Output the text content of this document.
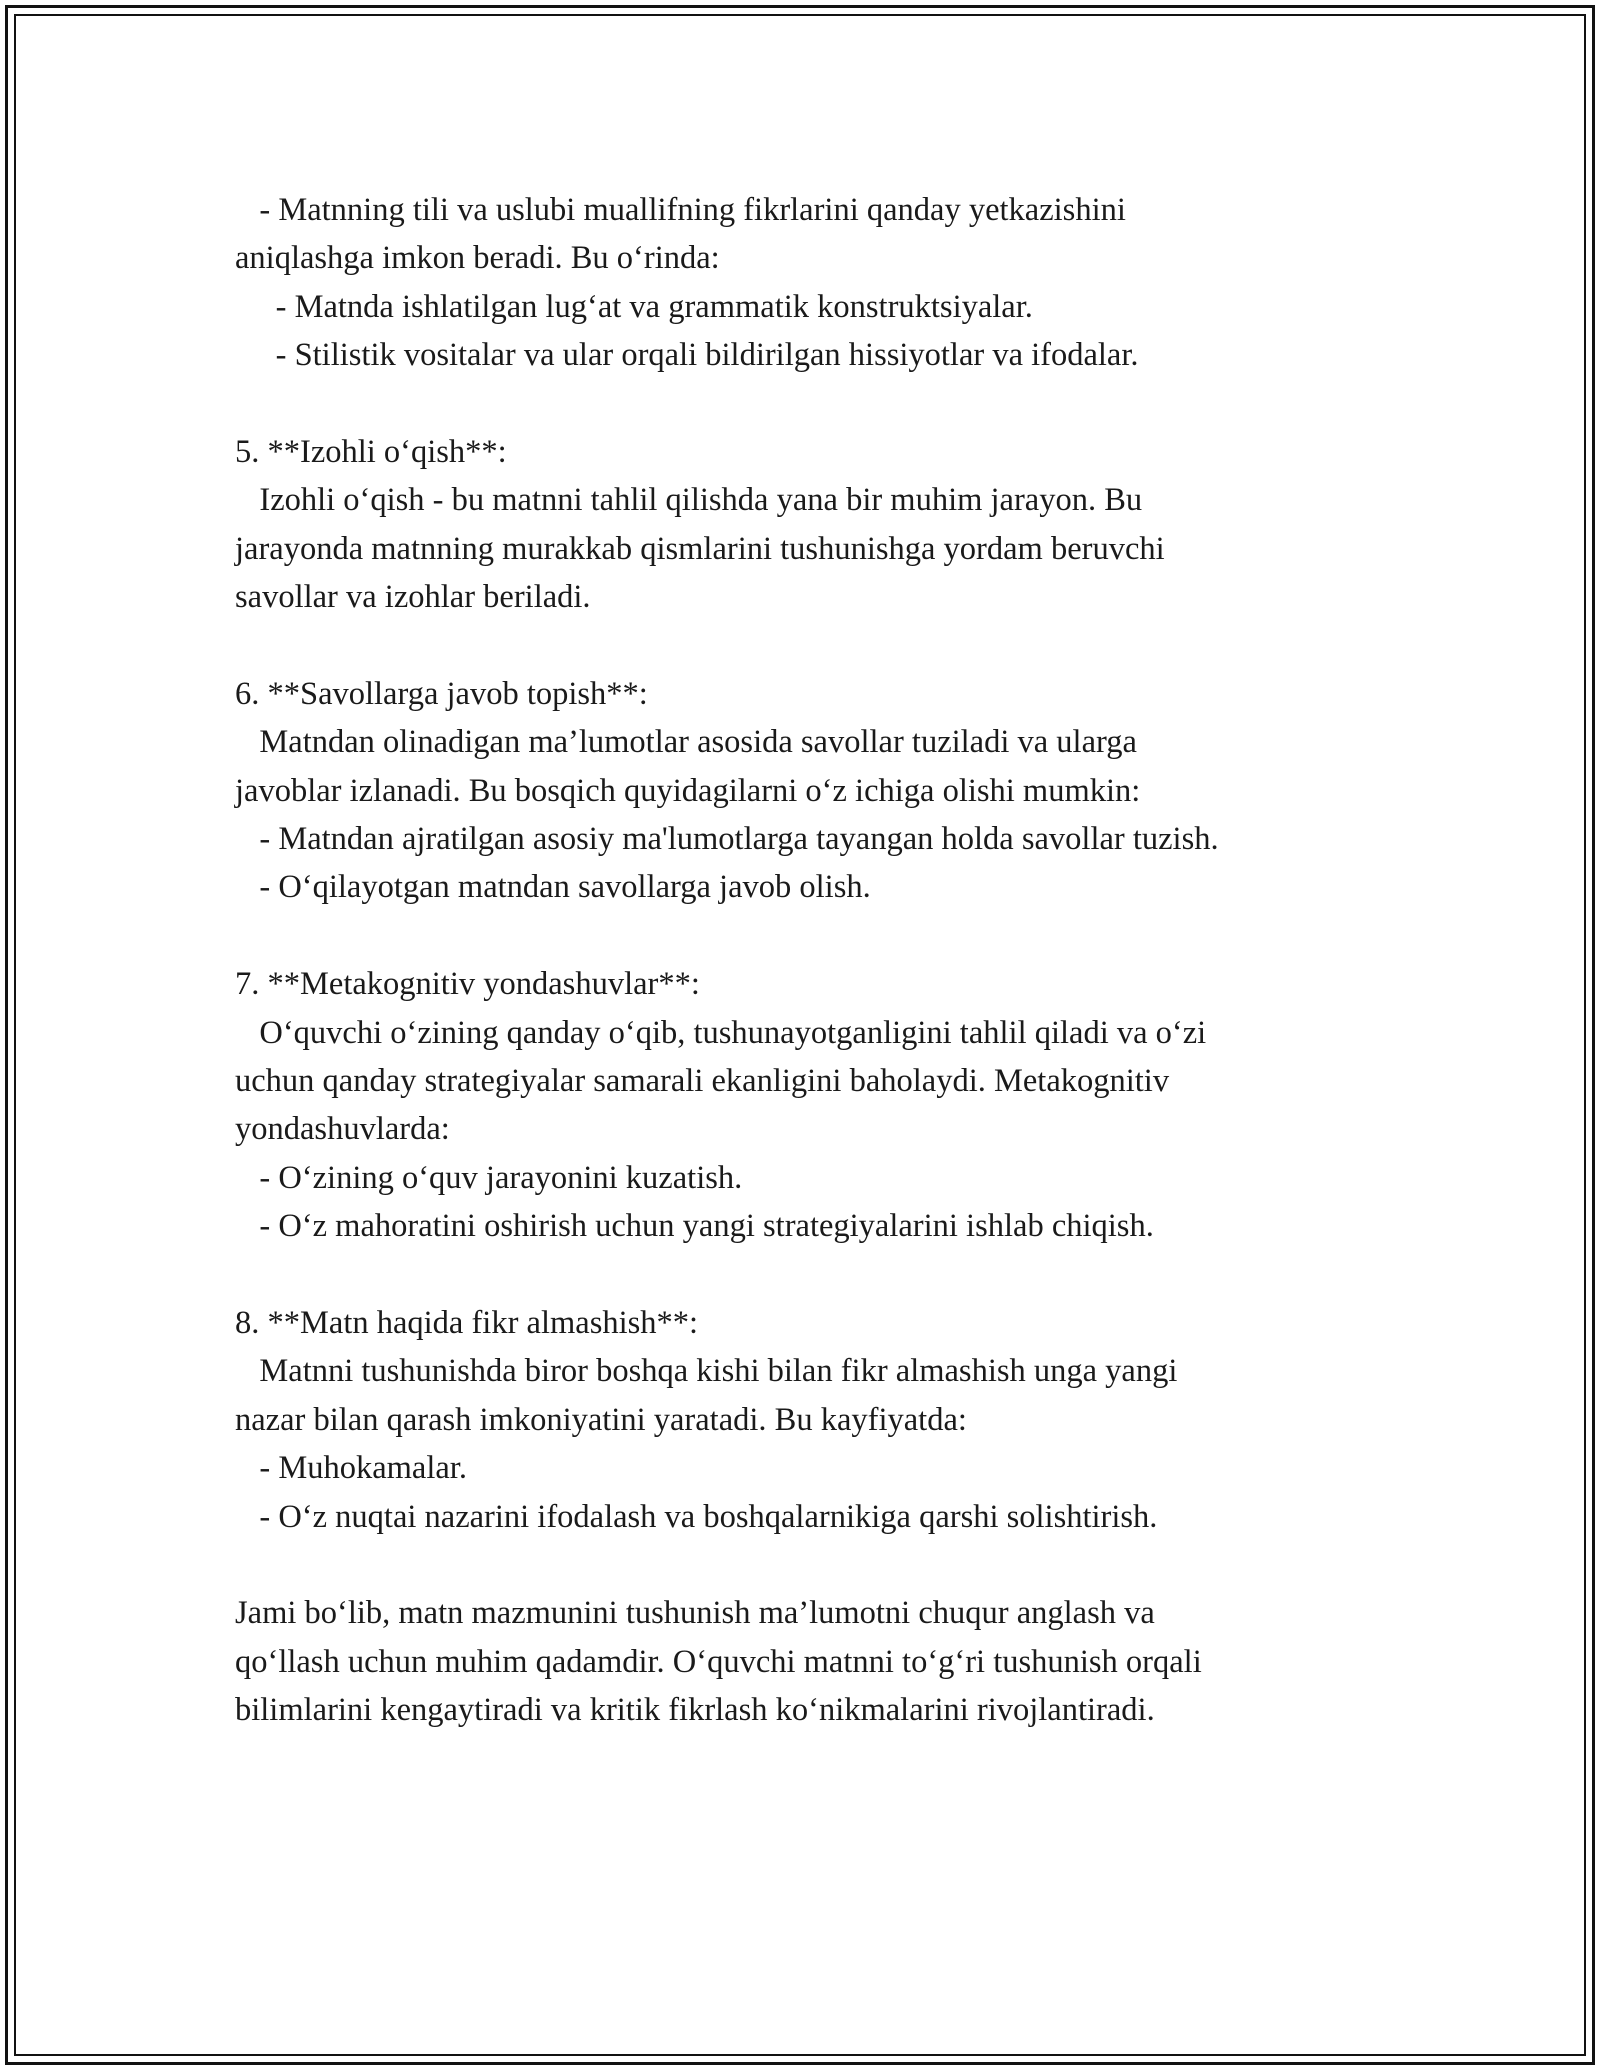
- Matnning tili va uslubi muallifning fikrlarini qanday yetkazishini
aniqlashga imkon beradi. Bu o‘rinda:
- Matnda ishlatilgan lug‘at va grammatik konstruktsiyalar.
- Stilistik vositalar va ular orqali bildirilgan hissiyotlar va ifodalar.
5. **Izohli o‘qish**:
Izohli o‘qish - bu matnni tahlil qilishda yana bir muhim jarayon. Bu
jarayonda matnning murakkab qismlarini tushunishga yordam beruvchi
savollar va izohlar beriladi.
6. **Savollarga javob topish**:
Matndan olinadigan ma’lumotlar asosida savollar tuziladi va ularga
javoblar izlanadi. Bu bosqich quyidagilarni o‘z ichiga olishi mumkin:
- Matndan ajratilgan asosiy ma'lumotlarga tayangan holda savollar tuzish.
- O‘qilayotgan matndan savollarga javob olish.
7. **Metakognitiv yondashuvlar**:
O‘quvchi o‘zining qanday o‘qib, tushunayotganligini tahlil qiladi va o‘zi
uchun qanday strategiyalar samarali ekanligini baholaydi. Metakognitiv
yondashuvlarda:
- O‘zining o‘quv jarayonini kuzatish.
- O‘z mahoratini oshirish uchun yangi strategiyalarini ishlab chiqish.
8. **Matn haqida fikr almashish**:
Matnni tushunishda biror boshqa kishi bilan fikr almashish unga yangi
nazar bilan qarash imkoniyatini yaratadi. Bu kayfiyatda:
- Muhokamalar.
- O‘z nuqtai nazarini ifodalash va boshqalarnikiga qarshi solishtirish.
Jami bo‘lib, matn mazmunini tushunish ma’lumotni chuqur anglash va
qo‘llash uchun muhim qadamdir. O‘quvchi matnni to‘g‘ri tushunish orqali
bilimlarini kengaytiradi va kritik fikrlash ko‘nikmalarini rivojlantiradi.
